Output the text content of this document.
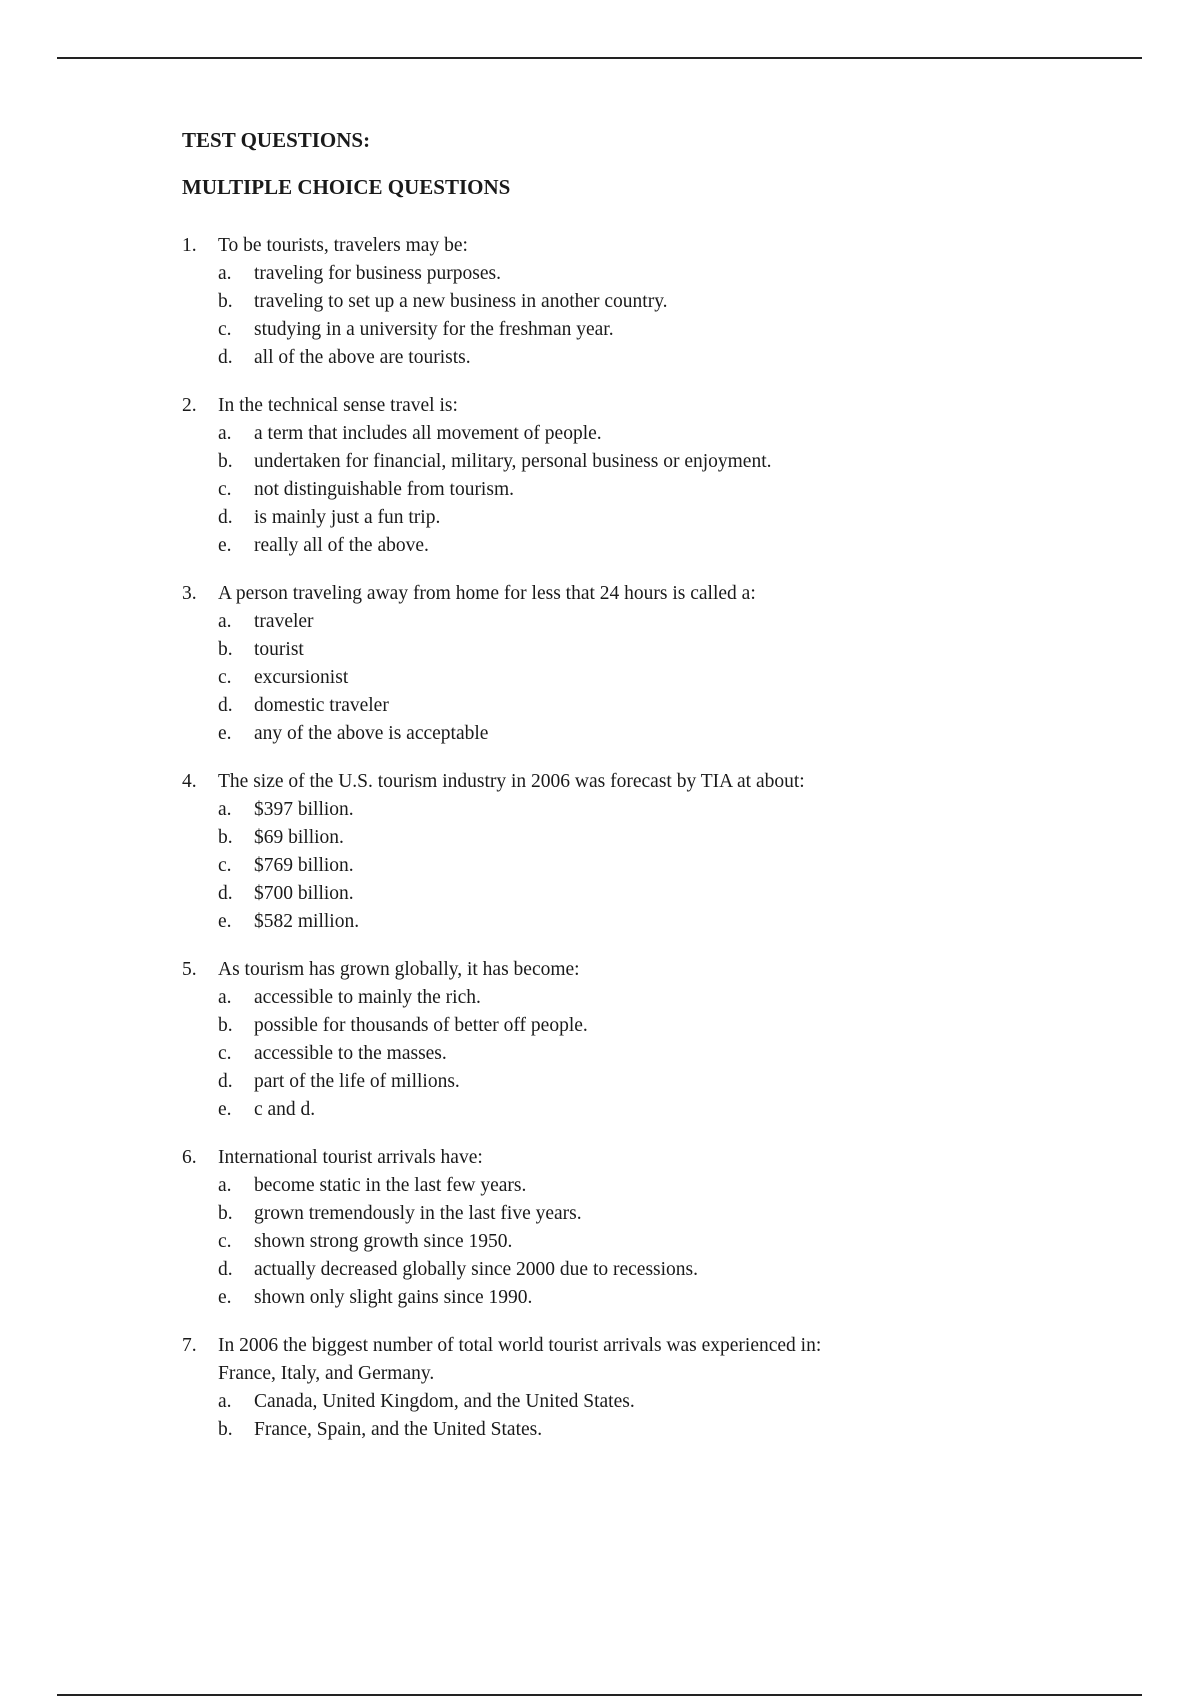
TEST QUESTIONS:

MULTIPLE CHOICE QUESTIONS

1.	To be tourists, travelers may be:
a.	traveling for business purposes.
b.	traveling to set up a new business in another country.
c.	studying in a university for the freshman year.
d.	all of the above are tourists.
2.	In the technical sense travel is:
a.	a term that includes all movement of people.
b.	undertaken for financial, military, personal business or enjoyment.
c.	not distinguishable from tourism.
d.	is mainly just a fun trip.
e.	really all of the above.
3.	A person traveling away from home for less that 24 hours is called a:
a.	traveler
b.	tourist
c.	excursionist
d.	domestic traveler
e.	any of the above is acceptable
4.	The size of the U.S. tourism industry in 2006 was forecast by TIA at about:
a.	$397 billion.
b.	$69 billion.
c.	$769 billion.
d.	$700 billion.
e.	$582 million.
5.	As tourism has grown globally, it has become:
a.	accessible to mainly the rich.
b.	possible for thousands of better off people.
c.	accessible to the masses.
d.	part of the life of millions.
e.	c and d.
6.	International tourist arrivals have:
a.	become static in the last few years.
b.	grown tremendously in the last five years.
c.	shown strong growth since 1950.
d.	actually decreased globally since 2000 due to recessions.
e.	shown only slight gains since 1990.
7.	In 2006 the biggest number of total world tourist arrivals was experienced in:
France, Italy, and Germany.
a.	Canada, United Kingdom, and the United States.
b.	France, Spain, and the United States.
